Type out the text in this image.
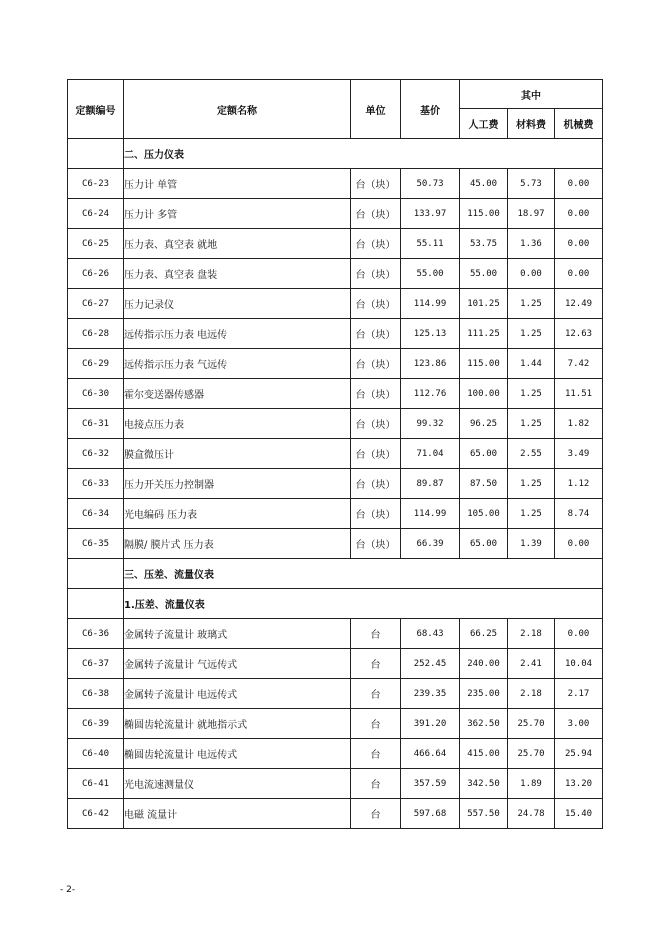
定额编号	定额名称	单位	基价	其中		
				人工费	材料费	机械费
	二、压力仪表					
C6-23	压力计 单管	台（块）	50.73	45.00	5.73	0.00
C6-24	压力计 多管	台（块）	133.97	115.00	18.97	0.00
C6-25	压力表、真空表 就地	台（块）	55.11	53.75	1.36	0.00
C6-26	压力表、真空表 盘装	台（块）	55.00	55.00	0.00	0.00
C6-27	压力记录仪	台（块）	114.99	101.25	1.25	12.49
C6-28	远传指示压力表 电远传	台（块）	125.13	111.25	1.25	12.63
C6-29	远传指示压力表 气远传	台（块）	123.86	115.00	1.44	7.42
C6-30	霍尔变送器传感器	台（块）	112.76	100.00	1.25	11.51
C6-31	电接点压力表	台（块）	99.32	96.25	1.25	1.82
C6-32	膜盒微压计	台（块）	71.04	65.00	2.55	3.49
C6-33	压力开关压力控制器	台（块）	89.87	87.50	1.25	1.12
C6-34	光电编码 压力表	台（块）	114.99	105.00	1.25	8.74
C6-35	隔膜/ 膜片式 压力表	台（块）	66.39	65.00	1.39	0.00
	三、压差、流量仪表					
	1.压差、流量仪表					
C6-36	金属转子流量计 玻璃式	台	68.43	66.25	2.18	0.00
C6-37	金属转子流量计 气远传式	台	252.45	240.00	2.41	10.04
C6-38	金属转子流量计 电远传式	台	239.35	235.00	2.18	2.17
C6-39	椭圆齿轮流量计 就地指示式	台	391.20	362.50	25.70	3.00
C6-40	椭圆齿轮流量计 电远传式	台	466.64	415.00	25.70	25.94
C6-41	光电流速测量仪	台	357.59	342.50	1.89	13.20
C6-42	电磁 流量计	台	597.68	557.50	24.78	15.40
- 2-
